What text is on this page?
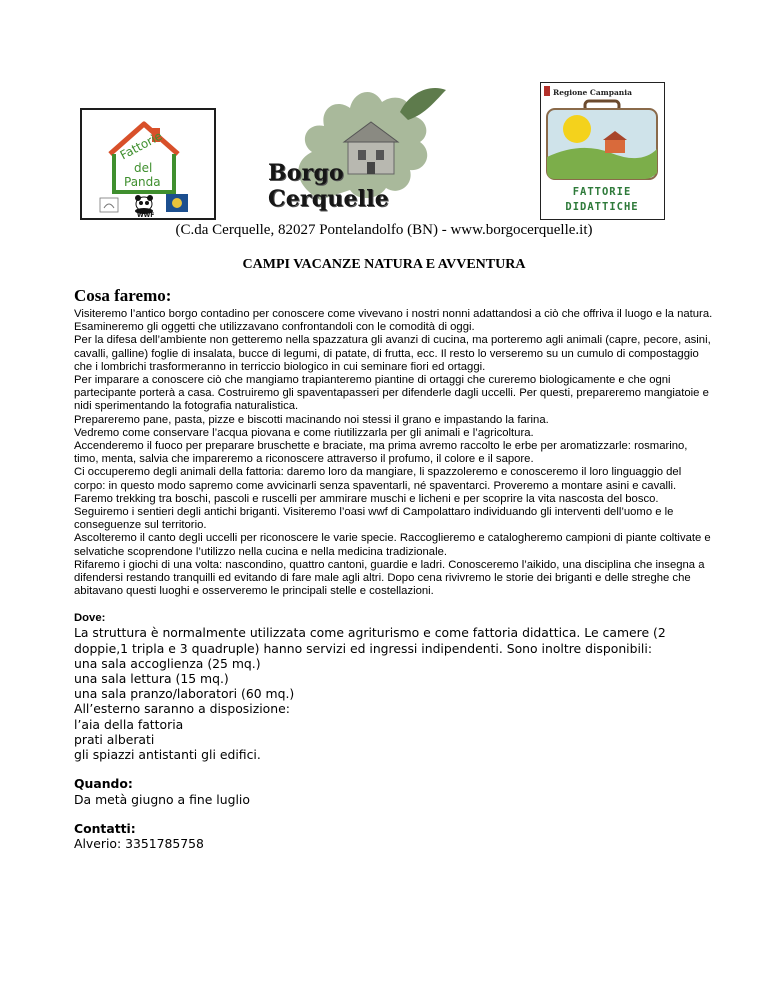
Fattorie
del
Panda
WWF
Borgo Cerquelle
Regione Campania
FATTORIE
DIDATTICHE
(C.da Cerquelle, 82027 Pontelandolfo (BN) - www.borgocerquelle.it)
CAMPI VACANZE NATURA E AVVENTURA
Cosa faremo:

Visiteremo l’antico borgo contadino per conoscere come vivevano i nostri nonni adattandosi a ciò che offriva il luogo e la natura. Esamineremo gli oggetti che utilizzavano confrontandoli con le comodità di oggi.

Per la difesa dell’ambiente non getteremo nella spazzatura gli avanzi di cucina, ma porteremo agli animali (capre, pecore, asini, cavalli, galline) foglie di insalata, bucce di legumi, di patate, di frutta, ecc. Il resto lo verseremo su un cumulo di compostaggio che i lombrichi trasformeranno in terriccio biologico in cui seminare fiori ed ortaggi.

Per imparare a conoscere ciò che mangiamo trapianteremo piantine di ortaggi che cureremo biologicamente e che ogni partecipante porterà a casa. Costruiremo gli spaventapasseri per difenderle dagli uccelli. Per questi, prepareremo mangiatoie e nidi sperimentando la fotografia naturalistica.

Prepareremo pane, pasta, pizze e biscotti macinando noi stessi il grano e impastando la farina.

Vedremo come conservare l’acqua piovana e come riutilizzarla per gli animali e l’agricoltura.

Accenderemo il fuoco per preparare bruschette e braciate, ma prima avremo raccolto le erbe per aromatizzarle: rosmarino, timo, menta, salvia che impareremo a riconoscere attraverso il profumo, il colore e il sapore.

Ci occuperemo degli animali della fattoria: daremo loro da mangiare, li spazzoleremo e conosceremo il loro linguaggio del corpo: in questo modo sapremo come avvicinarli senza spaventarli, né spaventarci. Proveremo a montare asini e cavalli. Faremo trekking tra boschi, pascoli e ruscelli per ammirare muschi e licheni e per scoprire la vita nascosta del bosco. Seguiremo i sentieri degli antichi briganti. Visiteremo l’oasi wwf di Campolattaro individuando gli interventi dell’uomo e le conseguenze sul territorio.

Ascolteremo il canto degli uccelli per riconoscere le varie specie. Raccoglieremo e catalogheremo campioni di piante coltivate e selvatiche scoprendone l’utilizzo nella cucina e nella medicina tradizionale.

Rifaremo i giochi di una volta: nascondino, quattro cantoni, guardie e ladri. Conosceremo l’aikido, una disciplina che insegna a difendersi restando tranquilli ed evitando di fare male agli altri. Dopo cena rivivremo le storie dei briganti e delle streghe che abitavano questi luoghi e osserveremo le principali stelle e costellazioni.

Dove:

La struttura è normalmente utilizzata come agriturismo e come fattoria didattica. Le camere (2 doppie,1 tripla e 3 quadruple) hanno servizi ed ingressi indipendenti. Sono inoltre disponibili:

una sala accoglienza (25 mq.)

una sala lettura (15 mq.)

una sala pranzo/laboratori (60 mq.)

All’esterno saranno a disposizione:

l’aia della fattoria

prati alberati

gli spiazzi antistanti gli edifici.

Quando:
Da metà giugno a fine luglio
Contatti:
Alverio: 3351785758
